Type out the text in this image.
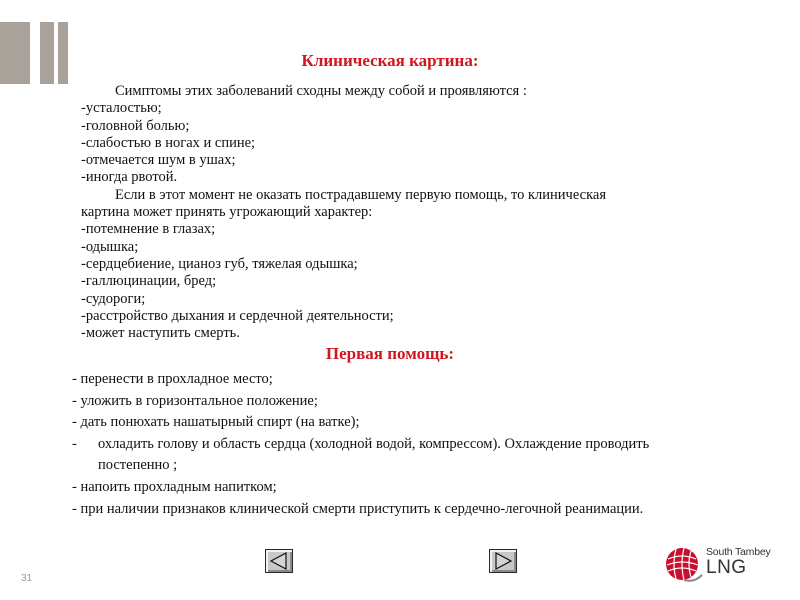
Клиническая картина:
Симптомы этих заболеваний сходны между собой и проявляются :
-усталостью;
-головной болью;
-слабостью в ногах и спине;
-отмечается шум в ушах;
-иногда рвотой.
Если в этот момент не оказать пострадавшему первую помощь, то клиническая
картина может принять угрожающий характер:
-потемнение в глазах;
-одышка;
-сердцебиение, цианоз губ, тяжелая одышка;
-галлюцинации, бред;
-судороги;
-расстройство дыхания и сердечной деятельности;
-может наступить смерть.
Первая помощь:
- перенести в прохладное место;
- уложить в горизонтальное положение;
- дать понюхать нашатырный спирт (на ватке);
- охладить голову и область сердца (холодной водой, компрессом). Охлаждение проводить постепенно ;
- напоить прохладным напитком;
- при наличии признаков клинической смерти приступить к сердечно-легочной реанимации.
31
South Tambey
LNG
